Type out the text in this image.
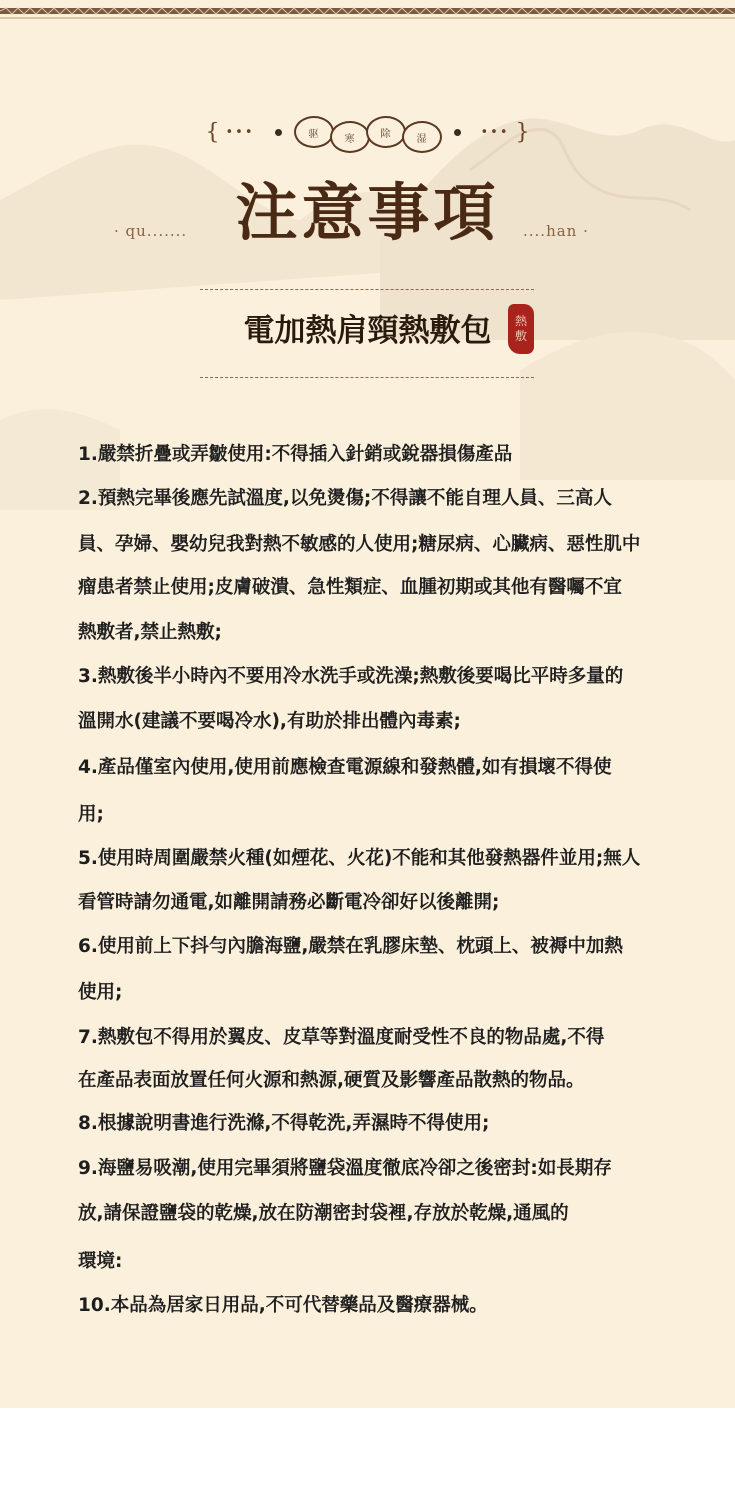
{ •••	驱	寒	除	湿	••• }
注意事項
· qu.......	....han ·
電加熱肩頸熱敷包	熱
敷
1.嚴禁折疊或弄皺使用:不得插入針銷或銳器損傷產品
2.預熱完畢後應先試溫度,以免燙傷;不得讓不能自理人員、三高人
員、孕婦、嬰幼兒我對熱不敏感的人使用;糖尿病、心臟病、惡性肌中
瘤患者禁止使用;皮膚破潰、急性類症、血腫初期或其他有醫囑不宜
熱敷者,禁止熱敷;
3.熱敷後半小時內不要用冷水洗手或洗澡;熱敷後要喝比平時多量的
溫開水(建議不要喝冷水),有助於排出體內毒素;
4.產品僅室內使用,使用前應檢查電源線和發熱體,如有損壞不得使
用;
5.使用時周圍嚴禁火種(如煙花、火花)不能和其他發熱器件並用;無人
看管時請勿通電,如離開請務必斷電冷卻好以後離開;
6.使用前上下抖勻內膽海鹽,嚴禁在乳膠床墊、枕頭上、被褥中加熱
使用;
7.熱敷包不得用於翼皮、皮草等對溫度耐受性不良的物品處,不得
在產品表面放置任何火源和熱源,硬質及影響產品散熱的物品。
8.根據說明書進行洗滌,不得乾洗,弄濕時不得使用;
9.海鹽易吸潮,使用完畢須將鹽袋溫度徹底冷卻之後密封:如長期存
放,請保證鹽袋的乾燥,放在防潮密封袋裡,存放於乾燥,通風的
環境:
10.本品為居家日用品,不可代替藥品及醫療器械。
